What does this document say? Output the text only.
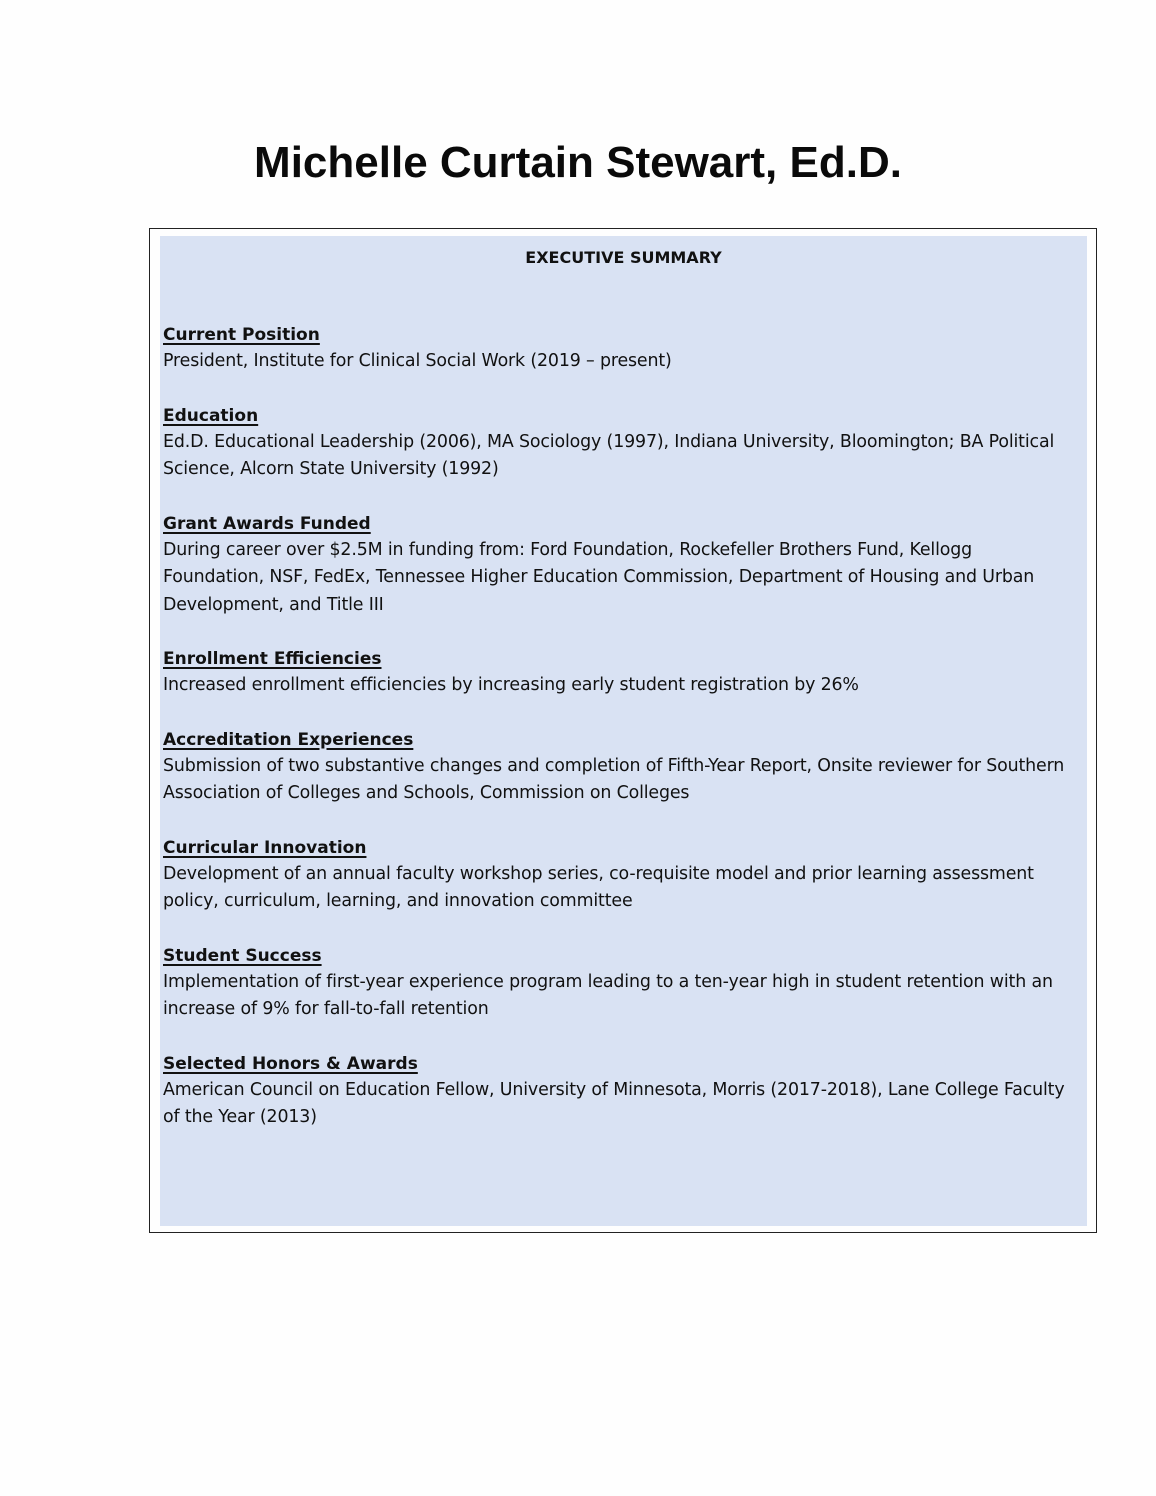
Michelle Curtain Stewart, Ed.D.
EXECUTIVE SUMMARY

Current Position

President, Institute for Clinical Social Work (2019 – present)

Education

Ed.D. Educational Leadership (2006), MA Sociology (1997), Indiana University, Bloomington; BA Political Science, Alcorn State University (1992)

Grant Awards Funded

During career over $2.5M in funding from: Ford Foundation, Rockefeller Brothers Fund, Kellogg Foundation, NSF, FedEx, Tennessee Higher Education Commission, Department of Housing and Urban Development, and Title III

Enrollment Efficiencies

Increased enrollment efficiencies by increasing early student registration by 26%

Accreditation Experiences

Submission of two substantive changes and completion of Fifth-Year Report, Onsite reviewer for Southern Association of Colleges and Schools, Commission on Colleges

Curricular Innovation

Development of an annual faculty workshop series, co-requisite model and prior learning assessment policy, curriculum, learning, and innovation committee

Student Success

Implementation of first-year experience program leading to a ten-year high in student retention with an increase of 9% for fall-to-fall retention

Selected Honors & Awards

American Council on Education Fellow, University of Minnesota, Morris (2017-2018), Lane College Faculty of the Year (2013)
